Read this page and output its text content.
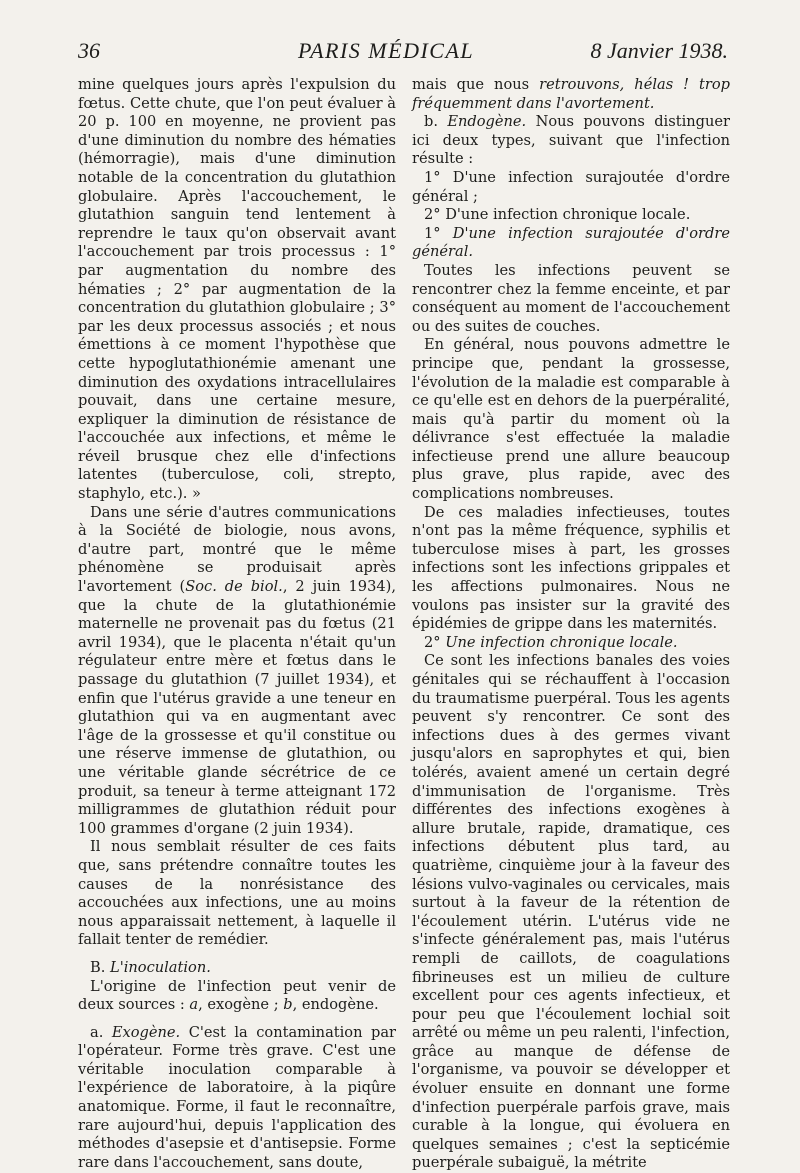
36	PARIS MÉDICAL	8 Janvier 1938.

mine quelques jours après l'expulsion du fœtus. Cette chute, que l'on peut évaluer à 20 p. 100 en moyenne, ne provient pas d'une diminution du nombre des hématies (hémorragie), mais d'une diminution notable de la concentration du glutathion globulaire. Après l'accouchement, le glutathion sanguin tend lentement à reprendre le taux qu'on observait avant l'accouchement par trois processus : 1° par augmentation du nombre des hématies ; 2° par augmentation de la concentration du glutathion globulaire ; 3° par les deux processus associés ; et nous émettions à ce moment l'hypothèse que cette hypoglutathionémie amenant une diminution des oxydations intracellulaires pouvait, dans une certaine mesure, expliquer la diminution de résistance de l'accouchée aux infections, et même le réveil brusque chez elle d'infections latentes (tuberculose, coli, strepto, staphylo, etc.). »

Dans une série d'autres communications à la Société de biologie, nous avons, d'autre part, montré que le même phénomène se produisait après l'avortement (Soc. de biol., 2 juin 1934), que la chute de la glutathionémie maternelle ne provenait pas du fœtus (21 avril 1934), que le placenta n'était qu'un régulateur entre mère et fœtus dans le passage du glutathion (7 juillet 1934), et enfin que l'utérus gravide a une teneur en glutathion qui va en augmentant avec l'âge de la grossesse et qu'il constitue ou une réserve immense de glutathion, ou une véritable glande sécrétrice de ce produit, sa teneur à terme atteignant 172 milligrammes de glutathion réduit pour 100 grammes d'organe (2 juin 1934).

Il nous semblait résulter de ces faits que, sans prétendre connaître toutes les causes de la nonrésistance des accouchées aux infections, une au moins nous apparaissait nettement, à laquelle il fallait tenter de remédier.

B. L'inoculation.

L'origine de l'infection peut venir de deux sources : a, exogène ; b, endogène.

a. Exogène. C'est la contamination par l'opérateur. Forme très grave. C'est une véritable inoculation comparable à l'expérience de laboratoire, à la piqûre anatomique. Forme, il faut le reconnaître, rare aujourd'hui, depuis l'application des méthodes d'asepsie et d'antisepsie. Forme rare dans l'accouchement, sans doute,

mais que nous retrouvons, hélas ! trop fréquemment dans l'avortement.

b. Endogène. Nous pouvons distinguer ici deux types, suivant que l'infection résulte :

1° D'une infection surajoutée d'ordre général ;

2° D'une infection chronique locale.

1° D'une infection surajoutée d'ordre général.

Toutes les infections peuvent se rencontrer chez la femme enceinte, et par conséquent au moment de l'accouchement ou des suites de couches.

En général, nous pouvons admettre le principe que, pendant la grossesse, l'évolution de la maladie est comparable à ce qu'elle est en dehors de la puerpéralité, mais qu'à partir du moment où la délivrance s'est effectuée la maladie infectieuse prend une allure beaucoup plus grave, plus rapide, avec des complications nombreuses.

De ces maladies infectieuses, toutes n'ont pas la même fréquence, syphilis et tuberculose mises à part, les grosses infections sont les infections grippales et les affections pulmonaires. Nous ne voulons pas insister sur la gravité des épidémies de grippe dans les maternités.

2° Une infection chronique locale.

Ce sont les infections banales des voies génitales qui se réchauffent à l'occasion du traumatisme puerpéral. Tous les agents peuvent s'y rencontrer. Ce sont des infections dues à des germes vivant jusqu'alors en saprophytes et qui, bien tolérés, avaient amené un certain degré d'immunisation de l'organisme. Très différentes des infections exogènes à allure brutale, rapide, dramatique, ces infections débutent plus tard, au quatrième, cinquième jour à la faveur des lésions vulvo-vaginales ou cervicales, mais surtout à la faveur de la rétention de l'écoulement utérin. L'utérus vide ne s'infecte généralement pas, mais l'utérus rempli de caillots, de coagulations fibrineuses est un milieu de culture excellent pour ces agents infectieux, et pour peu que l'écoulement lochial soit arrêté ou même un peu ralenti, l'infection, grâce au manque de défense de l'organisme, va pouvoir se développer et évoluer ensuite en donnant une forme d'infection puerpérale parfois grave, mais curable à la longue, qui évoluera en quelques semaines ; c'est la septicémie puerpérale subaiguë, la métrite
